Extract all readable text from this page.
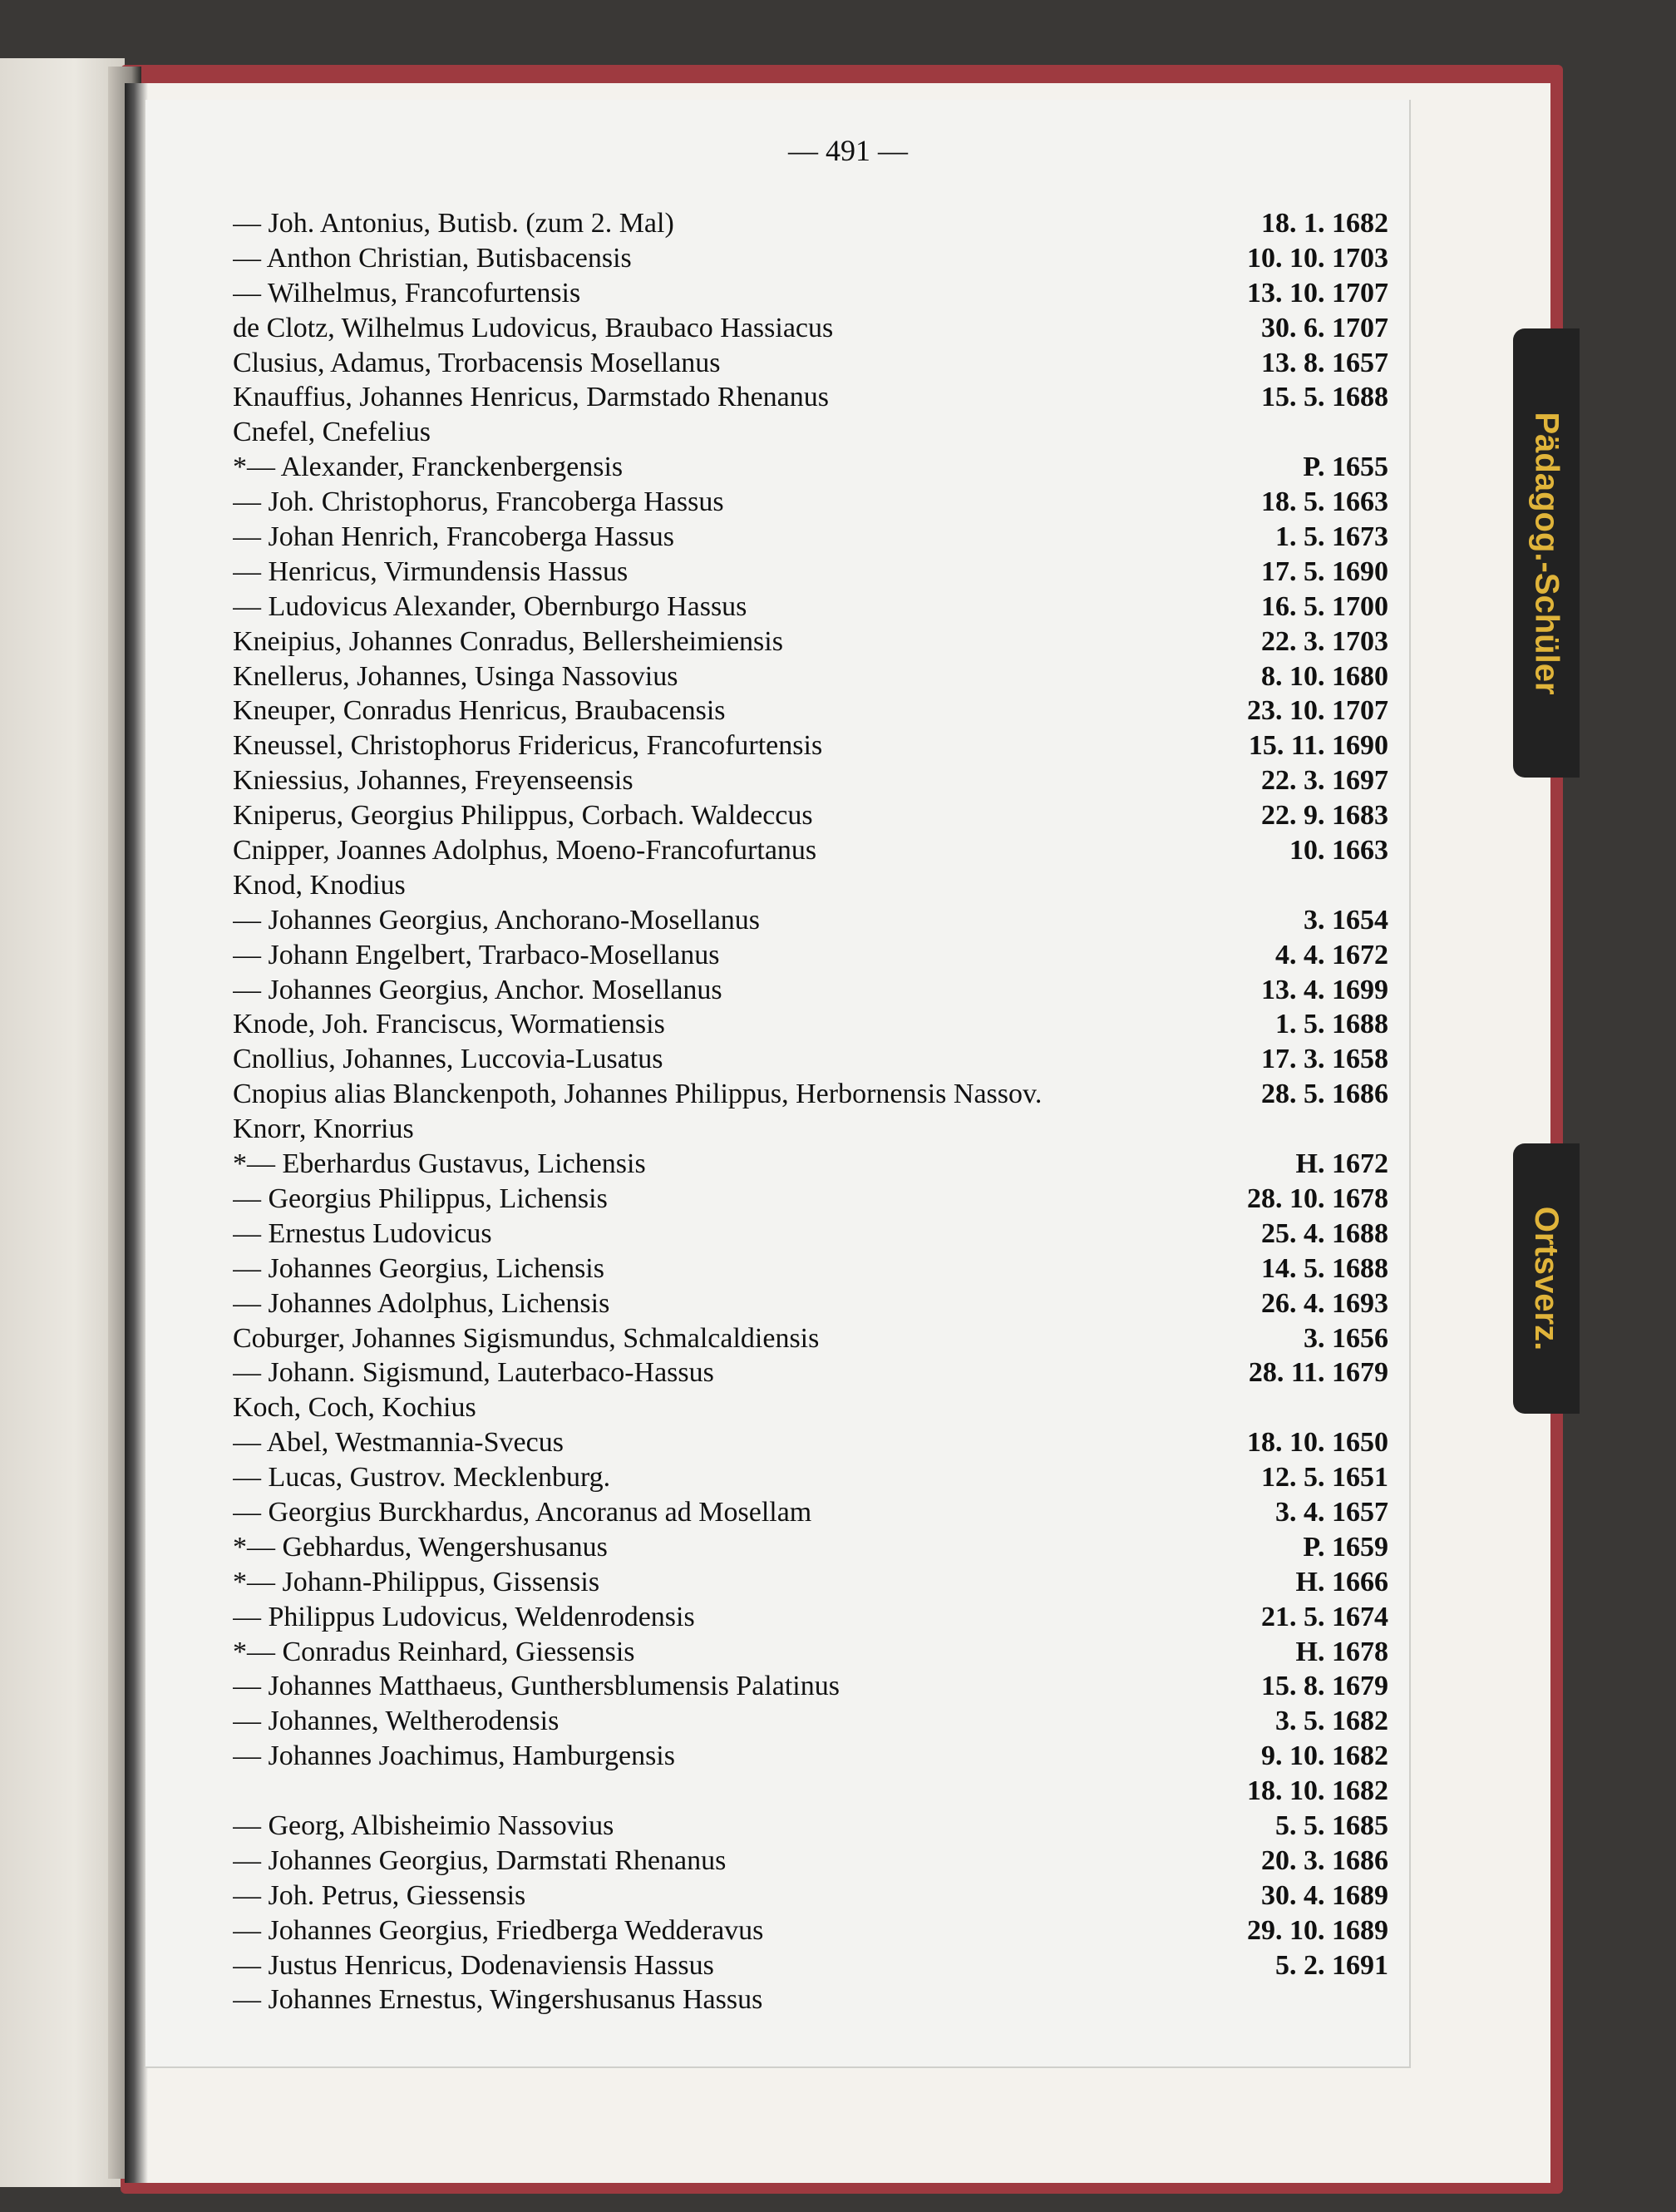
Pädagog.-Schüler
Ortsverz.
— 491 —
— Joh. Antonius, Butisb. (zum 2. Mal)	18. 1. 1682
— Anthon Christian, Butisbacensis	10. 10. 1703
— Wilhelmus, Francofurtensis	13. 10. 1707
de Clotz, Wilhelmus Ludovicus, Braubaco Hassiacus	30. 6. 1707
Clusius, Adamus, Trorbacensis Mosellanus	13. 8. 1657
Knauffius, Johannes Henricus, Darmstado Rhenanus	15. 5. 1688
Cnefel, Cnefelius
*— Alexander, Franckenbergensis	P. 1655
— Joh. Christophorus, Francoberga Hassus	18. 5. 1663
— Johan Henrich, Francoberga Hassus	1. 5. 1673
— Henricus, Virmundensis Hassus	17. 5. 1690
— Ludovicus Alexander, Obernburgo Hassus	16. 5. 1700
Kneipius, Johannes Conradus, Bellersheimiensis	22. 3. 1703
Knellerus, Johannes, Usinga Nassovius	8. 10. 1680
Kneuper, Conradus Henricus, Braubacensis	23. 10. 1707
Kneussel, Christophorus Fridericus, Francofurtensis	15. 11. 1690
Kniessius, Johannes, Freyenseensis	22. 3. 1697
Kniperus, Georgius Philippus, Corbach. Waldeccus	22. 9. 1683
Cnipper, Joannes Adolphus, Moeno-Francofurtanus	10. 1663
Knod, Knodius
— Johannes Georgius, Anchorano-Mosellanus	3. 1654
— Johann Engelbert, Trarbaco-Mosellanus	4. 4. 1672
— Johannes Georgius, Anchor. Mosellanus	13. 4. 1699
Knode, Joh. Franciscus, Wormatiensis	1. 5. 1688
Cnollius, Johannes, Luccovia-Lusatus	17. 3. 1658
Cnopius alias Blanckenpoth, Johannes Philippus, Herbornensis Nassov.	28. 5. 1686
Knorr, Knorrius
*— Eberhardus Gustavus, Lichensis	H. 1672
— Georgius Philippus, Lichensis	28. 10. 1678
— Ernestus Ludovicus	25. 4. 1688
— Johannes Georgius, Lichensis	14. 5. 1688
— Johannes Adolphus, Lichensis	26. 4. 1693
Coburger, Johannes Sigismundus, Schmalcaldiensis	3. 1656
— Johann. Sigismund, Lauterbaco-Hassus	28. 11. 1679
Koch, Coch, Kochius
— Abel, Westmannia-Svecus	18. 10. 1650
— Lucas, Gustrov. Mecklenburg.	12. 5. 1651
— Georgius Burckhardus, Ancoranus ad Mosellam	3. 4. 1657
*— Gebhardus, Wengershusanus	P. 1659
*— Johann-Philippus, Gissensis	H. 1666
— Philippus Ludovicus, Weldenrodensis	21. 5. 1674
*— Conradus Reinhard, Giessensis	H. 1678
— Johannes Matthaeus, Gunthersblumensis Palatinus	15. 8. 1679
— Johannes, Weltherodensis	3. 5. 1682
— Johannes Joachimus, Hamburgensis	9. 10. 1682
18. 10. 1682
— Georg, Albisheimio Nassovius	5. 5. 1685
— Johannes Georgius, Darmstati Rhenanus	20. 3. 1686
— Joh. Petrus, Giessensis	30. 4. 1689
— Johannes Georgius, Friedberga Wedderavus	29. 10. 1689
— Justus Henricus, Dodenaviensis Hassus	5. 2. 1691
— Johannes Ernestus, Wingershusanus Hassus
